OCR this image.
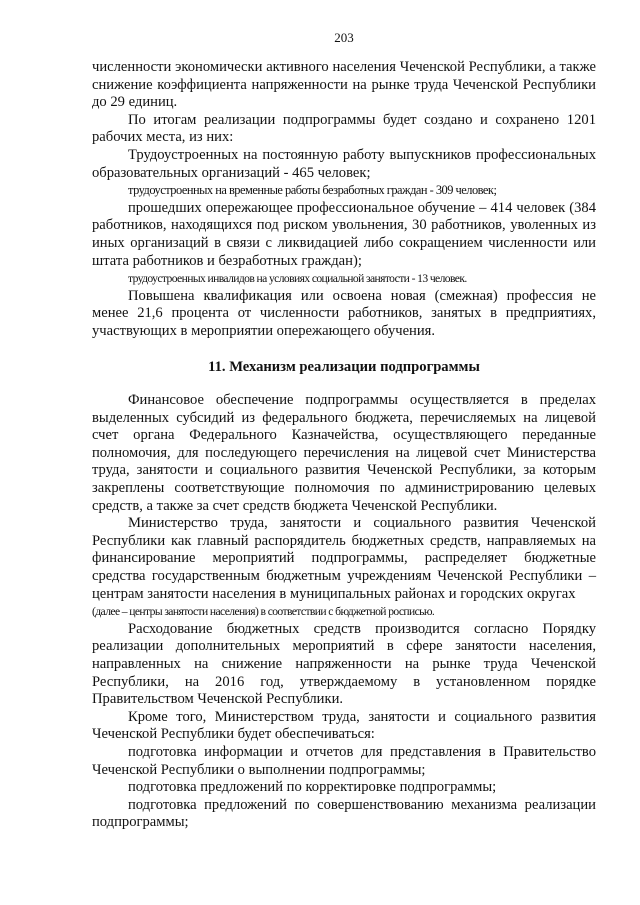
203

численности экономически активного населения Чеченской Республики, а также снижение коэффициента напряженности на рынке труда Чеченской Республики до 29 единиц.

По итогам реализации подпрограммы будет создано и сохранено 1201 рабочих места, из них:

Трудоустроенных на постоянную работу выпускников профессиональных образовательных организаций - 465 человек;

трудоустроенных на временные работы безработных граждан - 309 человек;

прошедших опережающее профессиональное обучение – 414 человек (384 работников, находящихся под риском увольнения, 30 работников, уволенных из иных организаций в связи с ликвидацией либо сокращением численности или штата работников и безработных граждан);

трудоустроенных инвалидов на условиях социальной занятости - 13 человек.

Повышена квалификация или освоена новая (смежная) профессия не менее 21,6 процента от численности работников, занятых в предприятиях, участвующих в мероприятии опережающего обучения.

11. Механизм реализации подпрограммы

Финансовое обеспечение подпрограммы осуществляется в пределах выделенных субсидий из федерального бюджета, перечисляемых на лицевой счет органа Федерального Казначейства, осуществляющего переданные полномочия, для последующего перечисления на лицевой счет Министерства труда, занятости и социального развития Чеченской Республики, за которым закреплены соответствующие полномочия по администрированию целевых средств, а также за счет средств бюджета Чеченской Республики.

Министерство труда, занятости и социального развития Чеченской Республики как главный распорядитель бюджетных средств, направляемых на финансирование мероприятий подпрограммы, распределяет бюджетные средства государственным бюджетным учреждениям Чеченской Республики – центрам занятости населения в муниципальных районах и городских округах

(далее – центры занятости населения) в соответствии с бюджетной росписью.

Расходование бюджетных средств производится согласно Порядку реализации дополнительных мероприятий в сфере занятости населения, направленных на снижение напряженности на рынке труда Чеченской Республики, на 2016 год, утверждаемому в установленном порядке Правительством Чеченской Республики.

Кроме того, Министерством труда, занятости и социального развития Чеченской Республики будет обеспечиваться:

подготовка информации и отчетов для представления в Правительство Чеченской Республики о выполнении подпрограммы;

подготовка предложений по корректировке подпрограммы;

подготовка предложений по совершенствованию механизма реализации подпрограммы;
